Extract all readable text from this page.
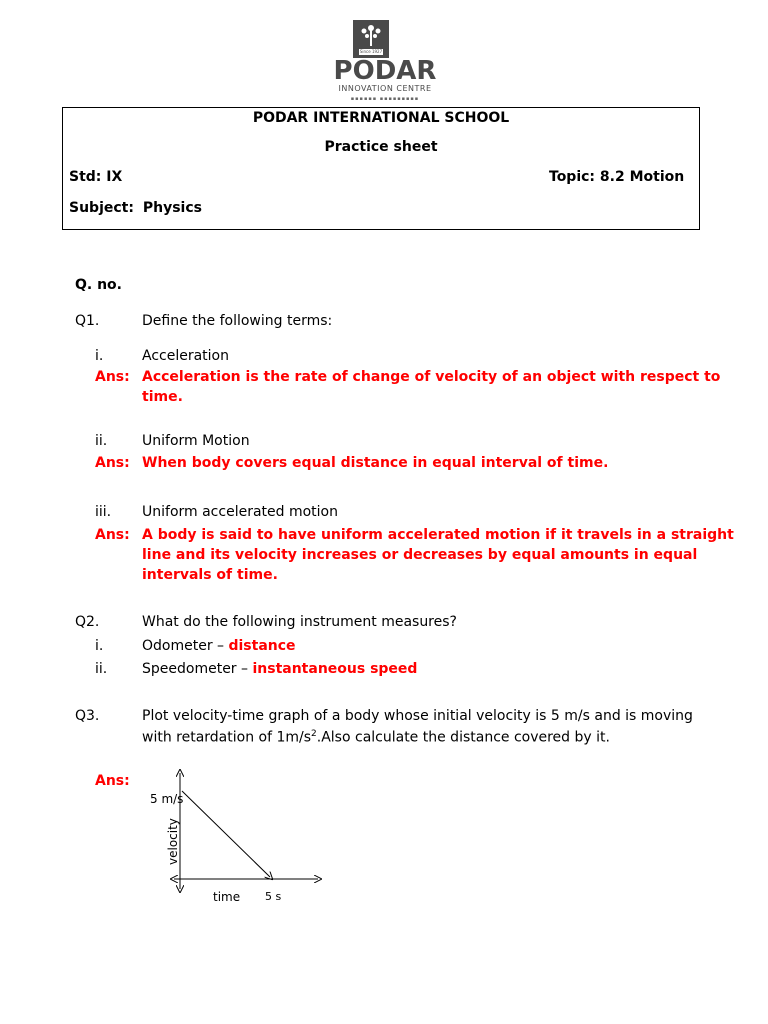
Since 1927
PODAR
INNOVATION CENTRE
▪▪▪▪▪▪ ▪▪▪▪▪▪▪▪▪
PODAR INTERNATIONAL SCHOOL
Practice sheet
Std: IX	Topic: 8.2 Motion
Subject: Physics
Q. no.
Q1.	Define the following terms:
i.	Acceleration
Ans: Acceleration is the rate of change of velocity of an object with respect to
time.
ii. Uniform Motion
Ans: When body covers equal distance in equal interval of time.
iii. Uniform accelerated motion
Ans: A body is said to have uniform accelerated motion if it travels in a straight
line and its velocity increases or decreases by equal amounts in equal
intervals of time.
Q2.	What do the following instrument measures?
i.	Odometer – distance
ii. Speedometer – instantaneous speed
Q3.	Plot velocity-time graph of a body whose initial velocity is 5 m/s and is moving
with retardation of $1m/s^2.Also$ calculate the distance covered by it.
Ans:
5 m/s
5 s
velocity
time
